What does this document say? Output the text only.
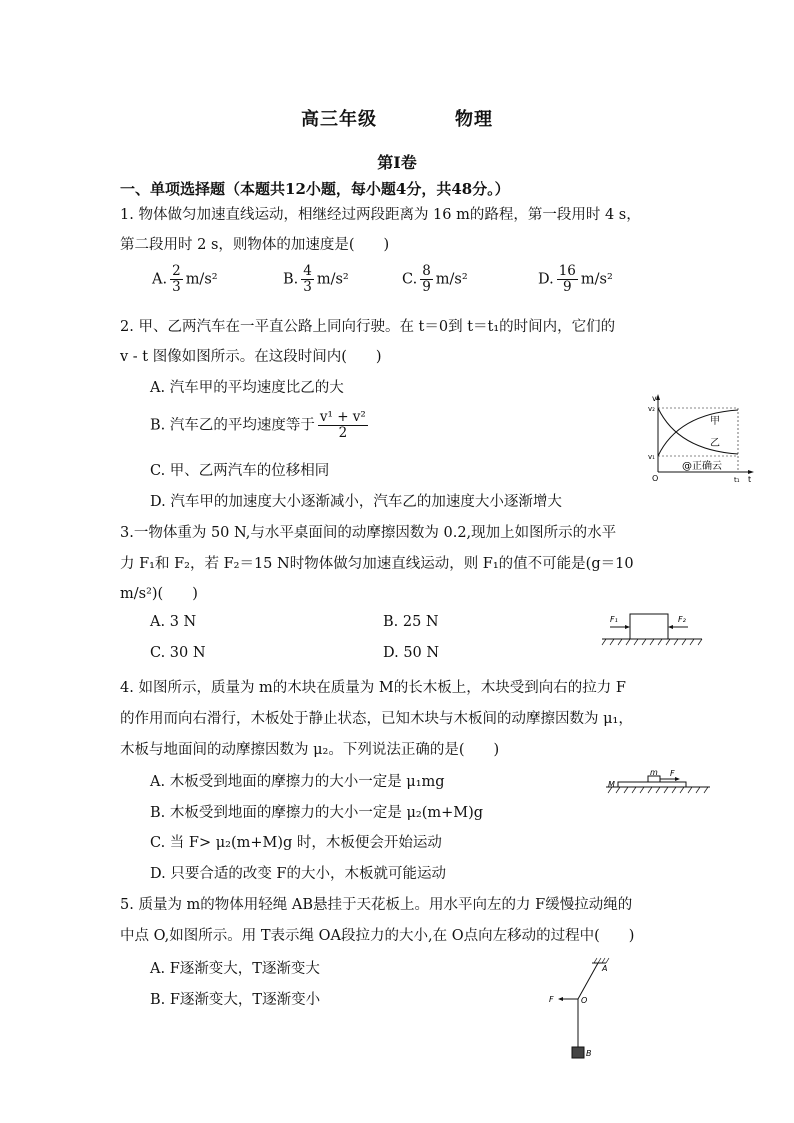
高三年级	物理
第Ⅰ卷
一、单项选择题（本题共12小题，每小题4分，共48分。）
1. 物体做匀加速直线运动，相继经过两段距离为 16 m的路程，第一段用时 4 s，
第二段用时 2 s，则物体的加速度是(　　)
A. $\frac{2}{3} m/s^2$	B. $\frac{4}{3} m/s^2$	C. $\frac{8}{9} m/s^2$	D. $\frac{16}{9} m/s^2$
2. 甲、乙两汽车在一平直公路上同向行驶。在 t＝0到 t＝t₁的时间内，它们的
v - t 图像如图所示。在这段时间内(　　)
A. 汽车甲的平均速度比乙的大
B. 汽车乙的平均速度等于 $\frac{\text{v¹ + v²}}{2}$
C. 甲、乙两汽车的位移相同
D. 汽车甲的加速度大小逐渐减小，汽车乙的加速度大小逐渐增大
v
v₂
v₁
O	t₁ t
甲
乙
@正确云
3.一物体重为 50 N,与水平桌面间的动摩擦因数为 0.2,现加上如图所示的水平
力 F₁和 F₂，若 F₂＝15 N时物体做匀加速直线运动，则 F₁的值不可能是(g＝10
m/s²)(　　)
A. 3 N	B. 25 N
C. 30 N	D. 50 N
F₁	F₂
4. 如图所示，质量为 m的木块在质量为 M的长木板上，木块受到向右的拉力 F
的作用而向右滑行，木板处于静止状态，已知木块与木板间的动摩擦因数为 μ₁，
木板与地面间的动摩擦因数为 μ₂。下列说法正确的是(　　)
A. 木板受到地面的摩擦力的大小一定是 μ₁mg
B. 木板受到地面的摩擦力的大小一定是 μ₂(m+M)g
C. 当 F> μ₂(m+M)g 时，木板便会开始运动
D. 只要合适的改变 F的大小，木板就可能运动
M
m F
5. 质量为 m的物体用轻绳 AB悬挂于天花板上。用水平向左的力 F缓慢拉动绳的
中点 O,如图所示。用 T表示绳 OA段拉力的大小,在 O点向左移动的过程中(　　)
A. F逐渐变大，T逐渐变大
B. F逐渐变大，T逐渐变小
A
O
F
B
